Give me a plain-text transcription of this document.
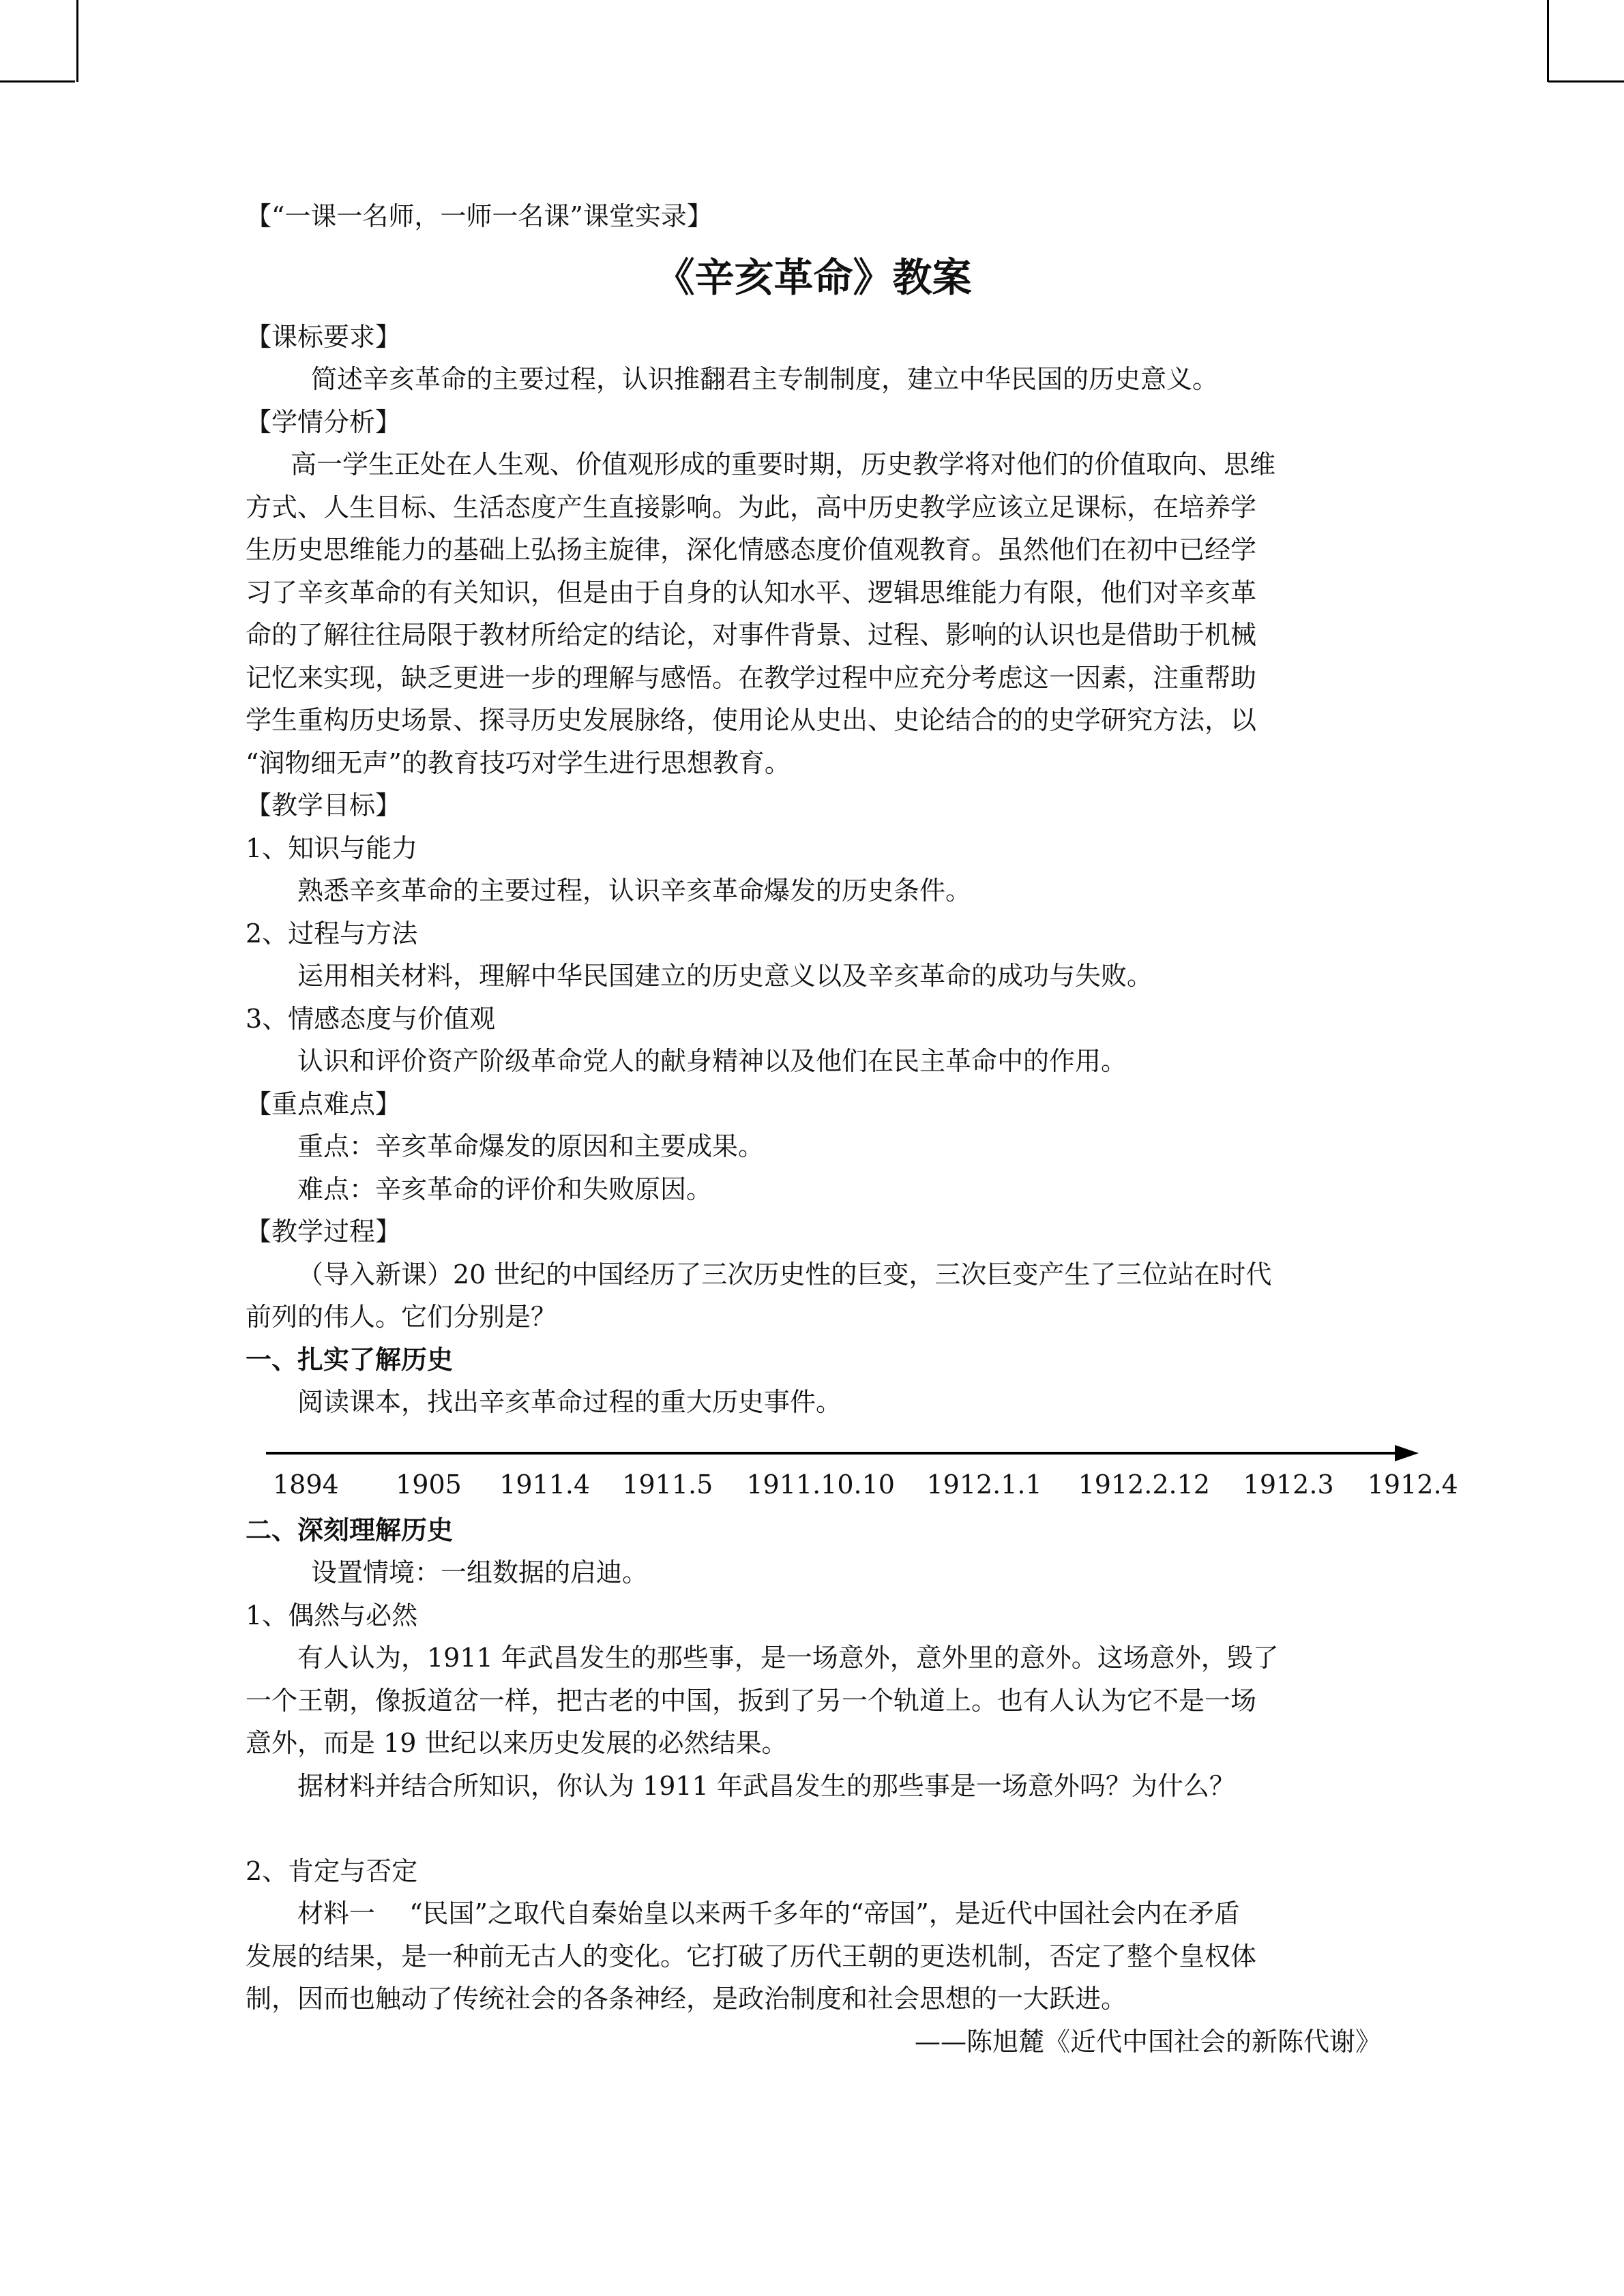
【“一课一名师，一师一名课”课堂实录】
《辛亥革命》教案
【课标要求】
简述辛亥革命的主要过程，认识推翻君主专制制度，建立中华民国的历史意义。
【学情分析】
高一学生正处在人生观、价值观形成的重要时期，历史教学将对他们的价值取向、思维
方式、人生目标、生活态度产生直接影响。为此，高中历史教学应该立足课标，在培养学
生历史思维能力的基础上弘扬主旋律，深化情感态度价值观教育。虽然他们在初中已经学
习了辛亥革命的有关知识，但是由于自身的认知水平、逻辑思维能力有限，他们对辛亥革
命的了解往往局限于教材所给定的结论，对事件背景、过程、影响的认识也是借助于机械
记忆来实现，缺乏更进一步的理解与感悟。在教学过程中应充分考虑这一因素，注重帮助
学生重构历史场景、探寻历史发展脉络，使用论从史出、史论结合的的史学研究方法，以
“润物细无声”的教育技巧对学生进行思想教育。
【教学目标】
1、知识与能力
熟悉辛亥革命的主要过程，认识辛亥革命爆发的历史条件。
2、过程与方法
运用相关材料，理解中华民国建立的历史意义以及辛亥革命的成功与失败。
3、情感态度与价值观
认识和评价资产阶级革命党人的献身精神以及他们在民主革命中的作用。
【重点难点】
重点：辛亥革命爆发的原因和主要成果。
难点：辛亥革命的评价和失败原因。
【教学过程】
（导入新课）20 世纪的中国经历了三次历史性的巨变，三次巨变产生了三位站在时代
前列的伟人。它们分别是？
一、扎实了解历史
阅读课本，找出辛亥革命过程的重大历史事件。
1894 1905 1911.4 1911.5 1911.10.10 1912.1.1 1912.2.12 1912.3 1912.4
二、深刻理解历史
设置情境：一组数据的启迪。
1、偶然与必然
有人认为，1911 年武昌发生的那些事，是一场意外，意外里的意外。这场意外，毁了
一个王朝，像扳道岔一样，把古老的中国，扳到了另一个轨道上。也有人认为它不是一场
意外，而是 19 世纪以来历史发展的必然结果。
据材料并结合所知识，你认为 1911 年武昌发生的那些事是一场意外吗？为什么？
2、肯定与否定
材料一　 “民国”之取代自秦始皇以来两千多年的“帝国”，是近代中国社会内在矛盾
发展的结果，是一种前无古人的变化。它打破了历代王朝的更迭机制，否定了整个皇权体
制，因而也触动了传统社会的各条神经，是政治制度和社会思想的一大跃进。
——陈旭麓《近代中国社会的新陈代谢》
